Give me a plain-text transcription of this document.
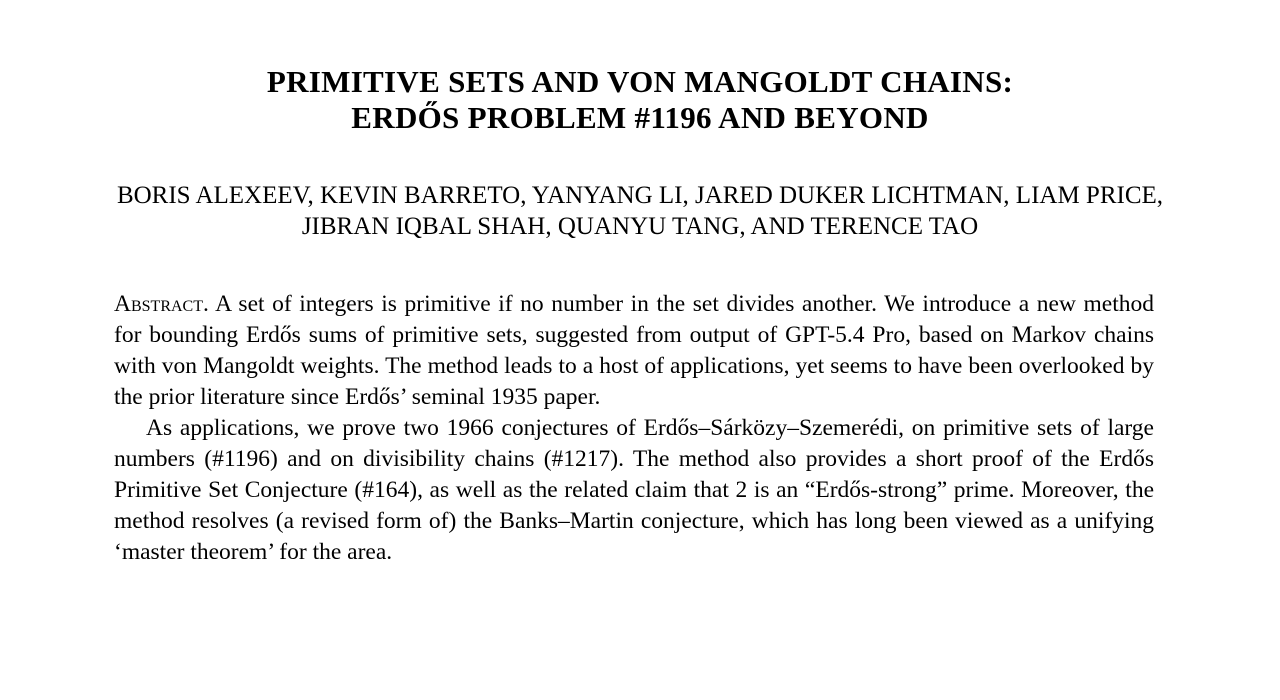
PRIMITIVE SETS AND VON MANGOLDT CHAINS:
ERDŐS PROBLEM #1196 AND BEYOND
BORIS ALEXEEV, KEVIN BARRETO, YANYANG LI, JARED DUKER LICHTMAN, LIAM PRICE,
JIBRAN IQBAL SHAH, QUANYU TANG, AND TERENCE TAO

Abstract. A set of integers is primitive if no number in the set divides another. We introduce a new method for bounding Erdős sums of primitive sets, suggested from output of GPT-5.4 Pro, based on Markov chains with von Mangoldt weights. The method leads to a host of applications, yet seems to have been overlooked by the prior literature since Erdős’ seminal 1935 paper.

As applications, we prove two 1966 conjectures of Erdős–Sárközy–Szemerédi, on primitive sets of large numbers (#1196) and on divisibility chains (#1217). The method also provides a short proof of the Erdős Primitive Set Conjecture (#164), as well as the related claim that 2 is an “Erdős-strong” prime. Moreover, the method resolves (a revised form of) the Banks–Martin conjecture, which has long been viewed as a unifying ‘master theorem’ for the area.
